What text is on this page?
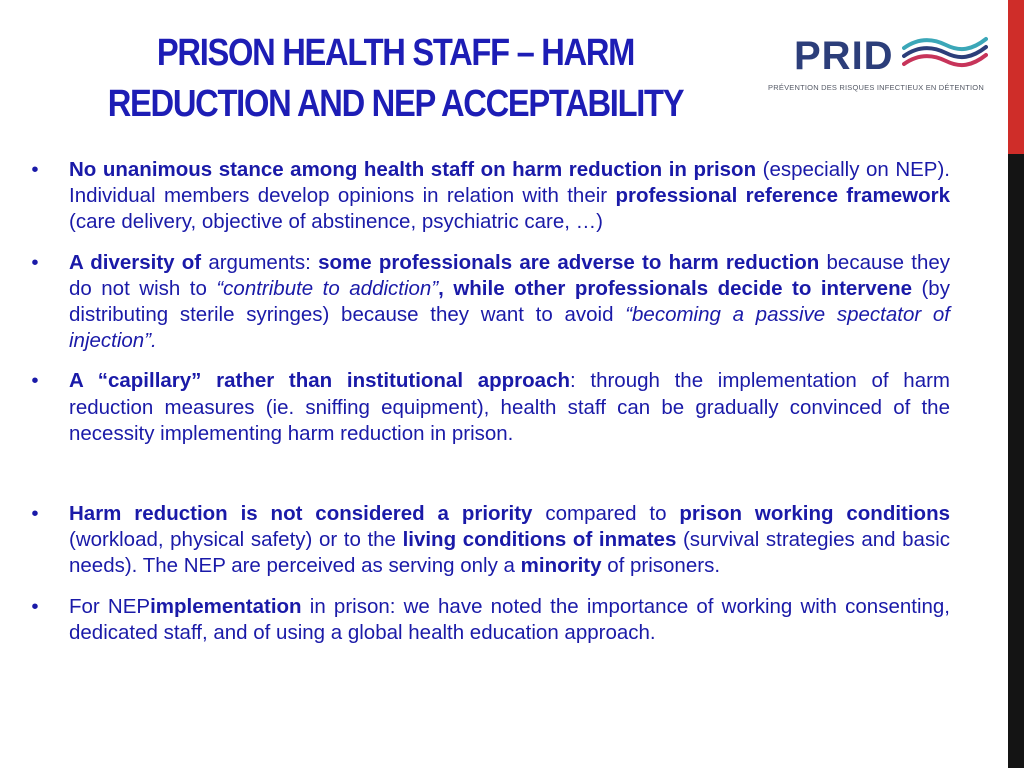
PRISON HEALTH STAFF – HARM
REDUCTION AND NEP ACCEPTABILITY
PRID
PRÉVENTION DES RISQUES INFECTIEUX EN DÉTENTION
• No unanimous stance among health staff on harm reduction in prison (especially on NEP). Individual members develop opinions in relation with their professional reference framework (care delivery, objective of abstinence, psychiatric care, …)
• A diversity of arguments: some professionals are adverse to harm reduction because they do not wish to “contribute to addiction”, while other professionals decide to intervene (by distributing sterile syringes) because they want to avoid “becoming a passive spectator of injection”.
• A “capillary” rather than institutional approach: through the implementation of harm reduction measures (ie. sniffing equipment), health staff can be gradually convinced of the necessity implementing harm reduction in prison.
• Harm reduction is not considered a priority compared to prison working conditions (workload, physical safety) or to the living conditions of inmates (survival strategies and basic needs). The NEP are perceived as serving only a minority of prisoners.
• For NEPimplementation in prison: we have noted the importance of working with consenting, dedicated staff, and of using a global health education approach.
